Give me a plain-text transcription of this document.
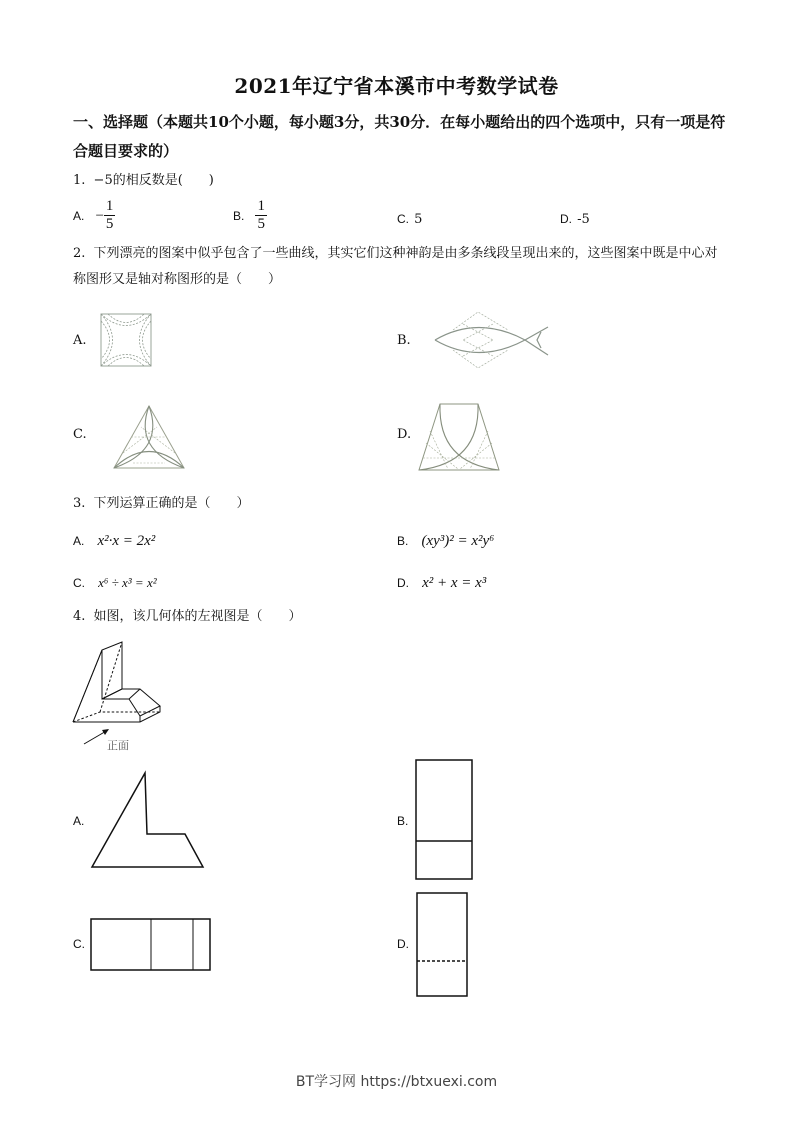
2021年辽宁省本溪市中考数学试卷
一、选择题（本题共10个小题，每小题3分，共30分．在每小题给出的四个选项中，只有一项是符合题目要求的）
1. −5的相反数是(　　)
A. − $\frac{1}{5}$	B. $\frac{1}{5}$	C. 5	D. -5
2. 下列漂亮的图案中似乎包含了一些曲线，其实它们这种神韵是由多条线段呈现出来的，这些图案中既是中心对称图形又是轴对称图形的是（　　）
A.	B.
C.	D.
3. 下列运算正确的是（　　）
A. x²·x = 2x²	B. (xy³)² = x²y⁶
C. x⁶ ÷ x³ = x²	D. x² + x = x³
4. 如图，该几何体的左视图是（　　）
正面
A.	B.
C.	D.
BT学习网 https://btxuexi.com
